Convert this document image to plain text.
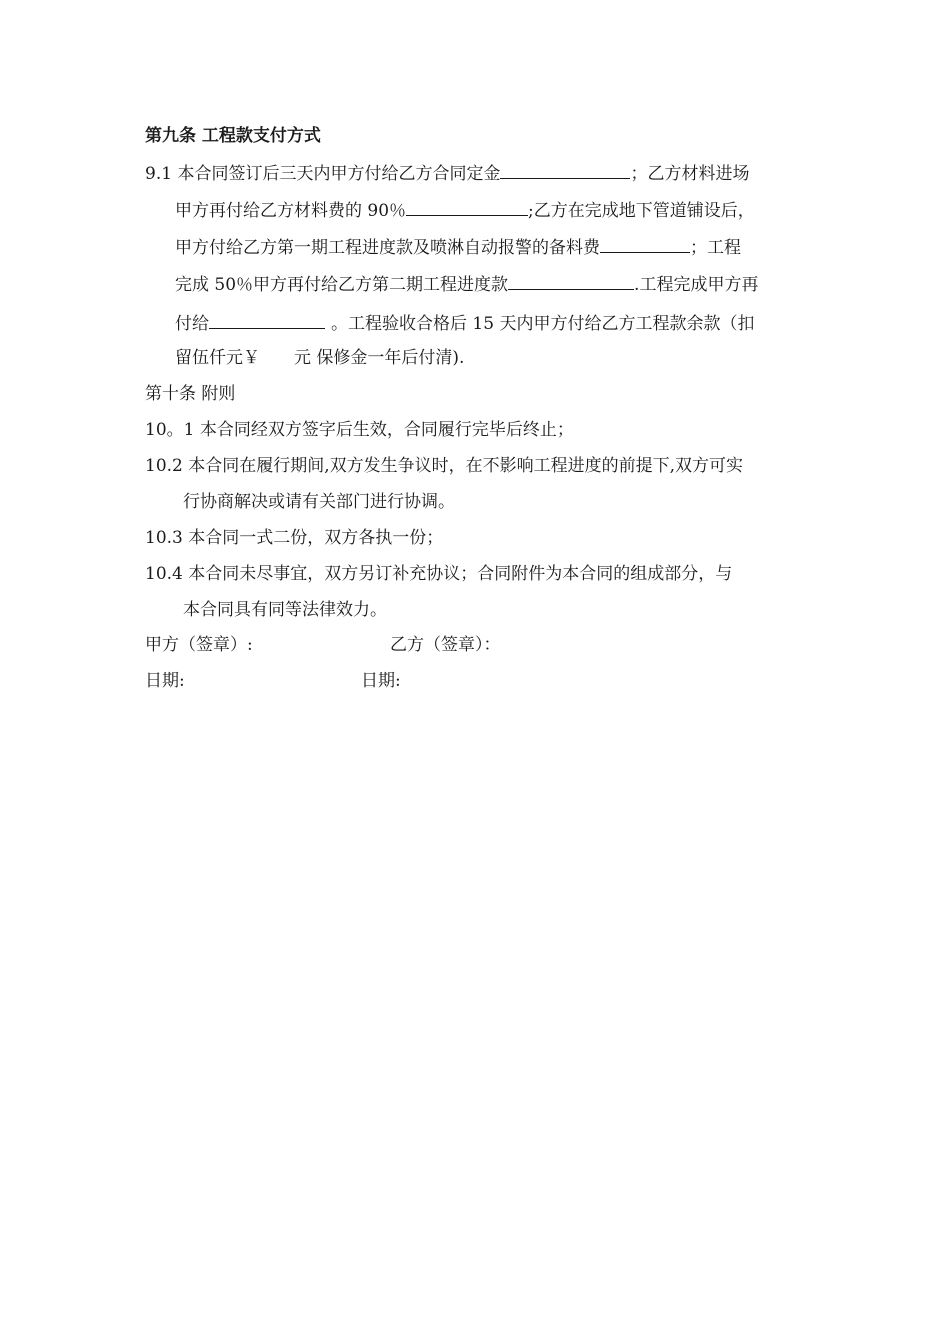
第九条 工程款支付方式
9.1 本合同签订后三天内甲方付给乙方合同定金	；乙方材料进场
甲方再付给乙方材料费的 90％	;乙方在完成地下管道铺设后，
甲方付给乙方第一期工程进度款及喷淋自动报警的备料费	；工程
完成 50％甲方再付给乙方第二期工程进度款	.工程完成甲方再
付给	。工程验收合格后 15 天内甲方付给乙方工程款余款（扣
留伍仟元￥ 元 保修金一年后付清).
第十条 附则
10。1 本合同经双方签字后生效，合同履行完毕后终止；
10.2 本合同在履行期间,双方发生争议时，在不影响工程进度的前提下,双方可实
行协商解决或请有关部门进行协调。
10.3 本合同一式二份，双方各执一份；
10.4 本合同未尽事宜，双方另订补充协议；合同附件为本合同的组成部分，与
本合同具有同等法律效力。
甲方（签章）:	乙方（签章）：
日期:	日期:
